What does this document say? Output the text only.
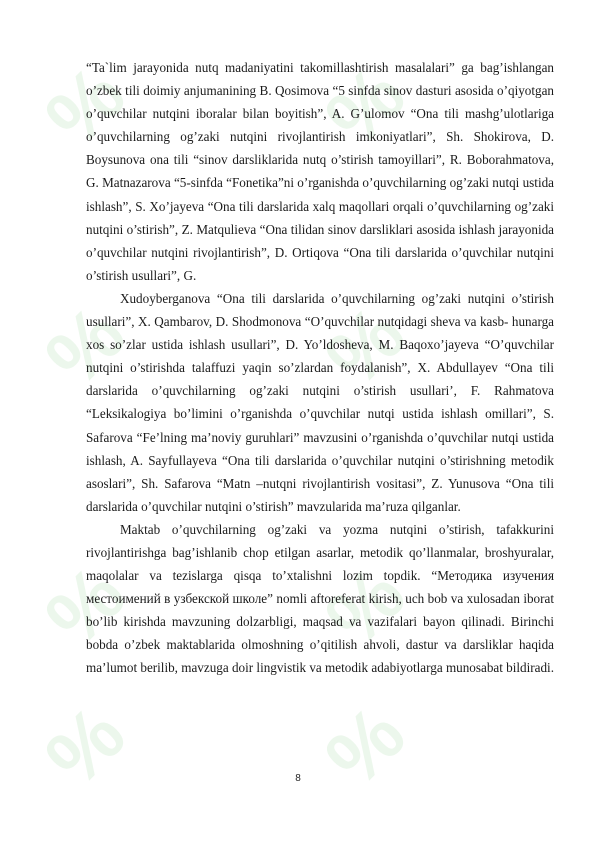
% %
% %
% %
% %

“Ta`lim jarayonida nutq madaniyatini takomillashtirish masalalari” ga bag’ishlangan o’zbek tili doimiy anjumanining B. Qosimova “5 sinfda sinov dasturi asosida o’qiyotgan o’quvchilar nutqini iboralar bilan boyitish”, A. G’ulomov “Ona tili mashg’ulotlariga o’quvchilarning og’zaki nutqini rivojlantirish imkoniyatlari”, Sh. Shokirova, D. Boysunova ona tili “sinov darsliklarida nutq o’stirish tamoyillari”, R. Boborahmatova, G. Matnazarova “5-sinfda “Fonetika”ni o’rganishda o’quvchilarning og’zaki nutqi ustida ishlash”, S. Xo’jayeva “Ona tili darslarida xalq maqollari orqali o’quvchilarning og’zaki nutqini o’stirish”, Z. Matqulieva “Ona tilidan sinov darsliklari asosida ishlash jarayonida o’quvchilar nutqini rivojlantirish”, D. Ortiqova “Ona tili darslarida o’quvchilar nutqini o’stirish usullari”, G.

Xudoyberganova “Ona tili darslarida o’quvchilarning og’zaki nutqini o’stirish usullari”, X. Qambarov, D. Shodmonova “O’quvchilar nutqidagi sheva va kasb- hunarga xos so’zlar ustida ishlash usullari”, D. Yo’ldosheva, M. Baqoxo’jayeva “O’quvchilar nutqini o’stirishda talaffuzi yaqin so’zlardan foydalanish”, X. Abdullayev “Ona tili darslarida o’quvchilarning og’zaki nutqini o’stirish usullari’, F. Rahmatova “Leksikalogiya bo’limini o’rganishda o’quvchilar nutqi ustida ishlash omillari”, S. Safarova “Fe’lning ma’noviy guruhlari” mavzusini o’rganishda o’quvchilar nutqi ustida ishlash, A. Sayfullayeva “Ona tili darslarida o’quvchilar nutqini o’stirishning metodik asoslari”, Sh. Safarova “Matn –nutqni rivojlantirish vositasi”, Z. Yunusova “Ona tili darslarida o’quvchilar nutqini o’stirish” mavzularida ma’ruza qilganlar.

Maktab o’quvchilarning og’zaki va yozma nutqini o’stirish, tafakkurini rivojlantirishga bag’ishlanib chop etilgan asarlar, metodik qo’llanmalar, broshyuralar, maqolalar va tezislarga qisqa to’xtalishni lozim topdik. “Методика изучения местоимений в узбекской школе” nomli aftoreferat kirish, uch bob va xulosadan iborat bo’lib kirishda mavzuning dolzarbligi, maqsad va vazifalari bayon qilinadi. Birinchi bobda o’zbek maktablarida olmoshning o’qitilish ahvoli, dastur va darsliklar haqida ma’lumot berilib, mavzuga doir lingvistik va metodik adabiyotlarga munosabat bildiradi.

8
